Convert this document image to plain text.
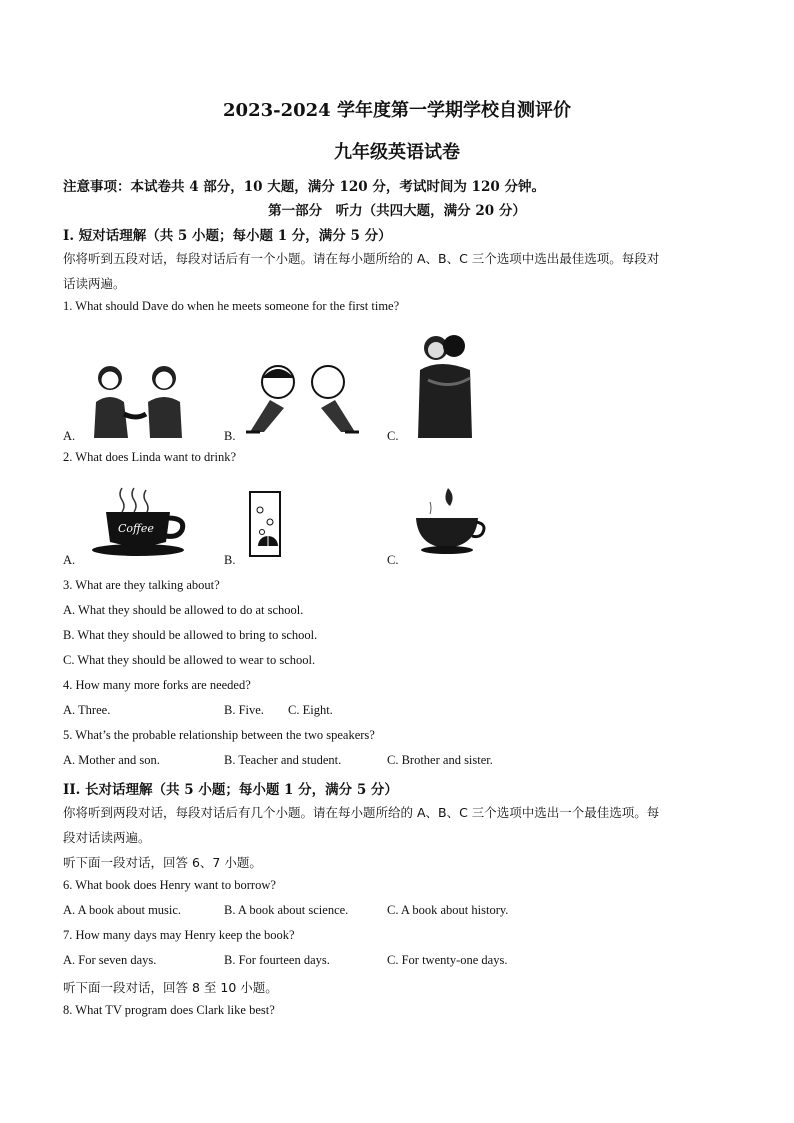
2023-2024 学年度第一学期学校自测评价
九年级英语试卷
注意事项：本试卷共 4 部分，10 大题，满分 120 分，考试时间为 120 分钟。
第一部分　听力（共四大题，满分 20 分）
I. 短对话理解（共 5 小题；每小题 1 分，满分 5 分）
你将听到五段对话，每段对话后有一个小题。请在每小题所给的 A、B、C 三个选项中选出最佳选项。每段对
话读两遍。
1. What should Dave do when he meets someone for the first time?
A.	B.	C.
2. What does Linda want to drink?
Coffee
A.	B.	C.
3. What are they talking about?
A. What they should be allowed to do at school.
B. What they should be allowed to bring to school.
C. What they should be allowed to wear to school.
4. How many more forks are needed?
A. Three.	B. Five. C. Eight.
5. What’s the probable relationship between the two speakers?
A. Mother and son.	B. Teacher and student.	C. Brother and sister.
II. 长对话理解（共 5 小题；每小题 1 分，满分 5 分）
你将听到两段对话，每段对话后有几个小题。请在每小题所给的 A、B、C 三个选项中选出一个最佳选项。每
段对话读两遍。
听下面一段对话，回答 6、7 小题。
6. What book does Henry want to borrow?
A. A book about music.	B. A book about science.	C. A book about history.
7. How many days may Henry keep the book?
A. For seven days.	B. For fourteen days.	C. For twenty-one days.
听下面一段对话，回答 8 至 10 小题。
8. What TV program does Clark like best?
